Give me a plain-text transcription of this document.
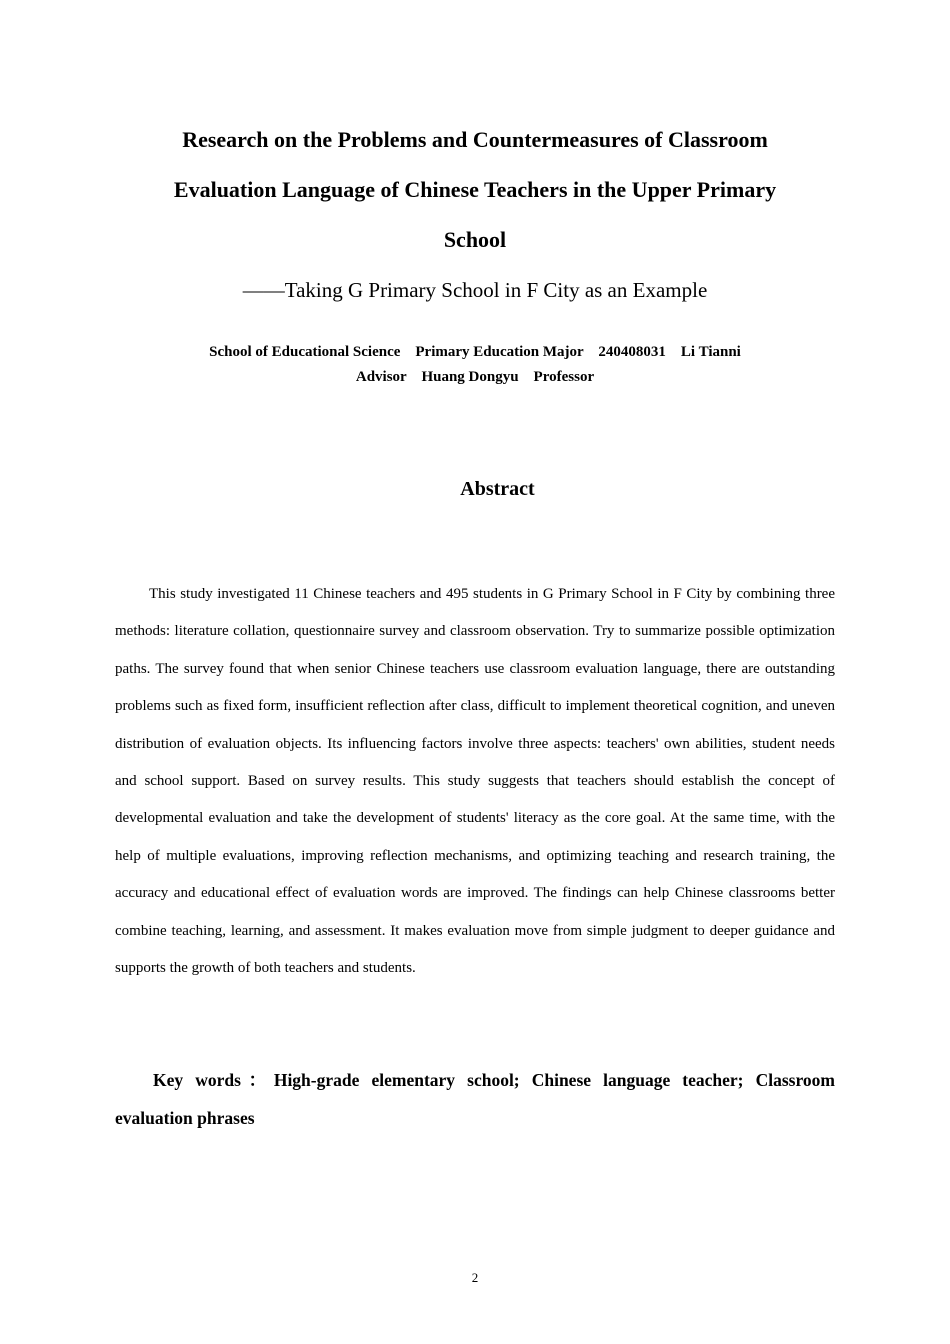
Research on the Problems and Countermeasures of Classroom
Evaluation Language of Chinese Teachers in the Upper Primary
School
——Taking G Primary School in F City as an Example
School of Educational Science    Primary Education Major    240408031    Li Tianni
Advisor    Huang Dongyu    Professor
Abstract

This study investigated 11 Chinese teachers and 495 students in G Primary School in F City by combining three methods: literature collation, questionnaire survey and classroom observation. Try to summarize possible optimization paths. The survey found that when senior Chinese teachers use classroom evaluation language, there are outstanding problems such as fixed form, insufficient reflection after class, difficult to implement theoretical cognition, and uneven distribution of evaluation objects. Its influencing factors involve three aspects: teachers' own abilities, student needs and school support. Based on survey results. This study suggests that teachers should establish the concept of developmental evaluation and take the development of students' literacy as the core goal. At the same time, with the help of multiple evaluations, improving reflection mechanisms, and optimizing teaching and research training, the accuracy and educational effect of evaluation words are improved. The findings can help Chinese classrooms better combine teaching, learning, and assessment. It makes evaluation move from simple judgment to deeper guidance and supports the growth of both teachers and students.

Key words：High-grade elementary school; Chinese language teacher; Classroom evaluation phrases

2
